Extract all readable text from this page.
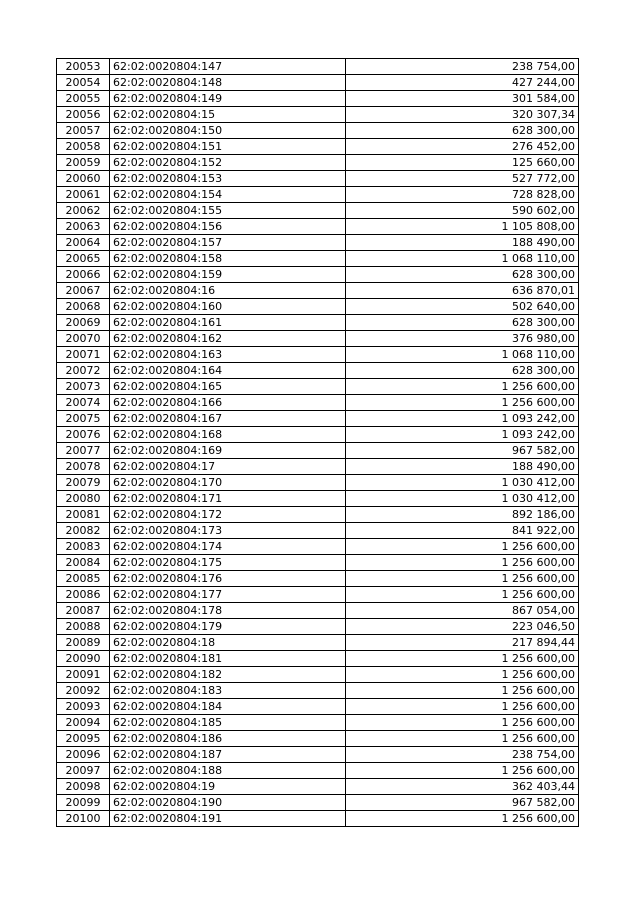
20053	62:02:0020804:147	238 754,00
20054	62:02:0020804:148	427 244,00
20055	62:02:0020804:149	301 584,00
20056	62:02:0020804:15	320 307,34
20057	62:02:0020804:150	628 300,00
20058	62:02:0020804:151	276 452,00
20059	62:02:0020804:152	125 660,00
20060	62:02:0020804:153	527 772,00
20061	62:02:0020804:154	728 828,00
20062	62:02:0020804:155	590 602,00
20063	62:02:0020804:156	1 105 808,00
20064	62:02:0020804:157	188 490,00
20065	62:02:0020804:158	1 068 110,00
20066	62:02:0020804:159	628 300,00
20067	62:02:0020804:16	636 870,01
20068	62:02:0020804:160	502 640,00
20069	62:02:0020804:161	628 300,00
20070	62:02:0020804:162	376 980,00
20071	62:02:0020804:163	1 068 110,00
20072	62:02:0020804:164	628 300,00
20073	62:02:0020804:165	1 256 600,00
20074	62:02:0020804:166	1 256 600,00
20075	62:02:0020804:167	1 093 242,00
20076	62:02:0020804:168	1 093 242,00
20077	62:02:0020804:169	967 582,00
20078	62:02:0020804:17	188 490,00
20079	62:02:0020804:170	1 030 412,00
20080	62:02:0020804:171	1 030 412,00
20081	62:02:0020804:172	892 186,00
20082	62:02:0020804:173	841 922,00
20083	62:02:0020804:174	1 256 600,00
20084	62:02:0020804:175	1 256 600,00
20085	62:02:0020804:176	1 256 600,00
20086	62:02:0020804:177	1 256 600,00
20087	62:02:0020804:178	867 054,00
20088	62:02:0020804:179	223 046,50
20089	62:02:0020804:18	217 894,44
20090	62:02:0020804:181	1 256 600,00
20091	62:02:0020804:182	1 256 600,00
20092	62:02:0020804:183	1 256 600,00
20093	62:02:0020804:184	1 256 600,00
20094	62:02:0020804:185	1 256 600,00
20095	62:02:0020804:186	1 256 600,00
20096	62:02:0020804:187	238 754,00
20097	62:02:0020804:188	1 256 600,00
20098	62:02:0020804:19	362 403,44
20099	62:02:0020804:190	967 582,00
20100	62:02:0020804:191	1 256 600,00
